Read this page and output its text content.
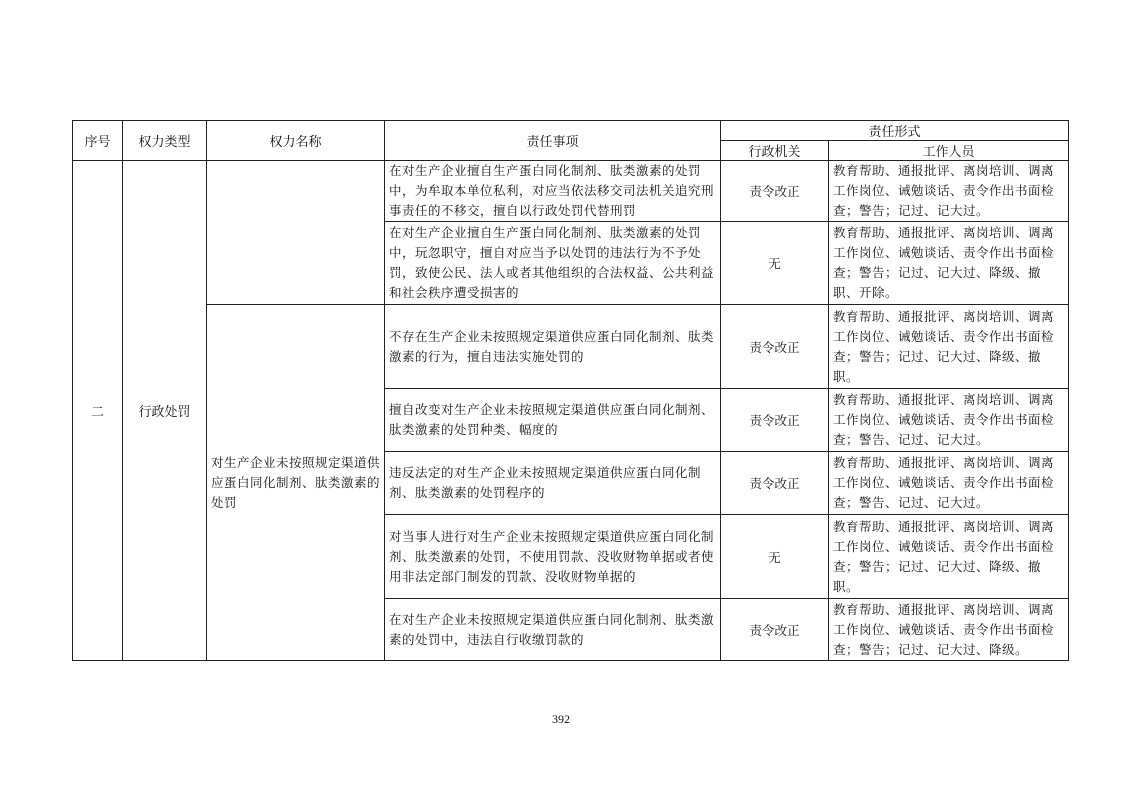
序号	权力类型	权力名称	责任事项	责任形式	
				行政机关	工作人员
二	行政处罚		在对生产企业擅自生产蛋白同化制剂、肽类激素的处罚中，为牟取本单位私利，对应当依法移交司法机关追究刑事责任的不移交，擅自以行政处罚代替刑罚	责令改正	教育帮助、通报批评、离岗培训、调离工作岗位、诫勉谈话、责令作出书面检查；警告；记过、记大过。
			在对生产企业擅自生产蛋白同化制剂、肽类激素的处罚中，玩忽职守，擅自对应当予以处罚的违法行为不予处罚，致使公民、法人或者其他组织的合法权益、公共利益和社会秩序遭受损害的	无	教育帮助、通报批评、离岗培训、调离工作岗位、诫勉谈话、责令作出书面检查；警告；记过、记大过、降级、撤职、开除。
		对生产企业未按照规定渠道供应蛋白同化制剂、肽类激素的处罚	不存在生产企业未按照规定渠道供应蛋白同化制剂、肽类激素的行为，擅自违法实施处罚的	责令改正	教育帮助、通报批评、离岗培训、调离工作岗位、诫勉谈话、责令作出书面检查；警告；记过、记大过、降级、撤职。
			擅自改变对生产企业未按照规定渠道供应蛋白同化制剂、肽类激素的处罚种类、幅度的	责令改正	教育帮助、通报批评、离岗培训、调离工作岗位、诫勉谈话、责令作出书面检查；警告、记过、记大过。
			违反法定的对生产企业未按照规定渠道供应蛋白同化制剂、肽类激素的处罚程序的	责令改正	教育帮助、通报批评、离岗培训、调离工作岗位、诫勉谈话、责令作出书面检查；警告、记过、记大过。
			对当事人进行对生产企业未按照规定渠道供应蛋白同化制剂、肽类激素的处罚，不使用罚款、没收财物单据或者使用非法定部门制发的罚款、没收财物单据的	无	教育帮助、通报批评、离岗培训、调离工作岗位、诫勉谈话、责令作出书面检查；警告；记过、记大过、降级、撤职。
			在对生产企业未按照规定渠道供应蛋白同化制剂、肽类激素的处罚中，违法自行收缴罚款的	责令改正	教育帮助、通报批评、离岗培训、调离工作岗位、诫勉谈话、责令作出书面检查；警告；记过、记大过、降级。
392
